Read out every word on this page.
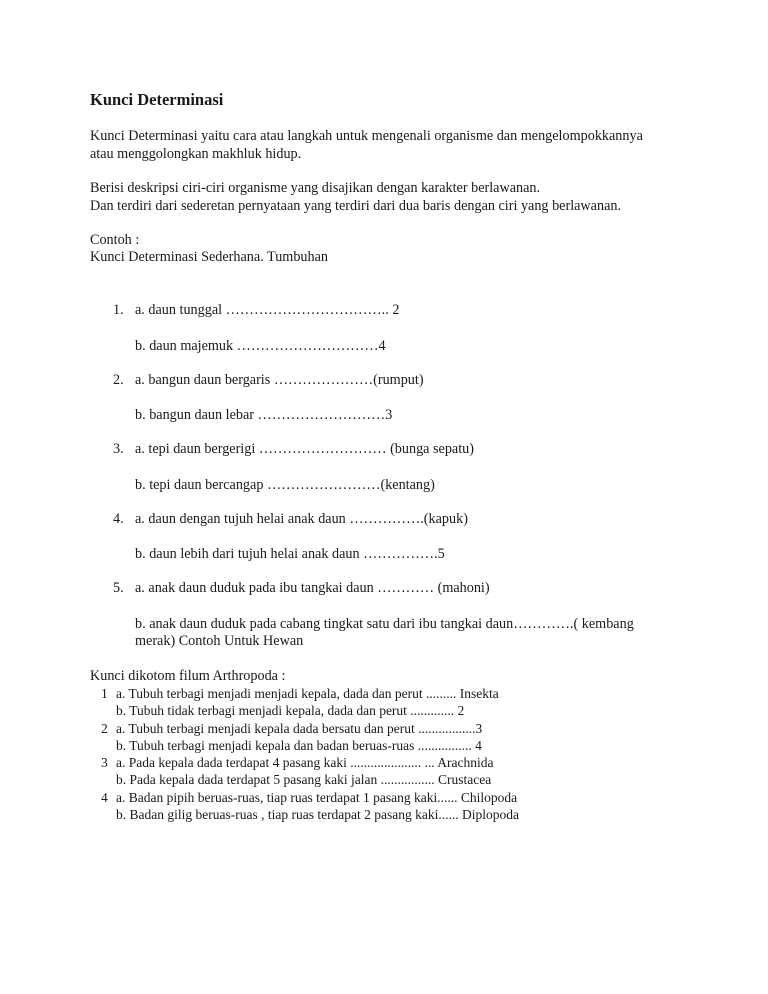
Kunci Determinasi
Kunci Determinasi yaitu cara atau langkah untuk mengenali organisme dan mengelompokkannya
atau menggolongkan makhluk hidup.
Berisi deskripsi ciri-ciri organisme yang disajikan dengan karakter berlawanan.
Dan terdiri dari sederetan pernyataan yang terdiri dari dua baris dengan ciri yang berlawanan.
Contoh :
Kunci Determinasi Sederhana. Tumbuhan
1. a. daun tunggal …………………………….. 2
b. daun majemuk …………………………4
2. a. bangun daun bergaris …………………(rumput)
b. bangun daun lebar ………………………3
3. a. tepi daun bergerigi ……………………… (bunga sepatu)
b. tepi daun bercangap ……………………(kentang)
4. a. daun dengan tujuh helai anak daun …………….(kapuk)
b. daun lebih dari tujuh helai anak daun …………….5
5. a. anak daun duduk pada ibu tangkai daun ………… (mahoni)
b. anak daun duduk pada cabang tingkat satu dari ibu tangkai daun………….( kembang
merak) Contoh Untuk Hewan
Kunci dikotom filum Arthropoda :
1 a. Tubuh terbagi menjadi menjadi kepala, dada dan perut ......... Insekta
b. Tubuh tidak terbagi menjadi kepala, dada dan perut ............. 2
2 a. Tubuh terbagi menjadi kepala dada bersatu dan perut .................3
b. Tubuh terbagi menjadi kepala dan badan beruas-ruas ................ 4
3 a. Pada kepala dada terdapat 4 pasang kaki ..................... ... Arachnida
b. Pada kepala dada terdapat 5 pasang kaki jalan ................ Crustacea
4 a. Badan pipih beruas-ruas, tiap ruas terdapat 1 pasang kaki...... Chilopoda
b. Badan gilig beruas-ruas , tiap ruas terdapat 2 pasang kaki...... Diplopoda
